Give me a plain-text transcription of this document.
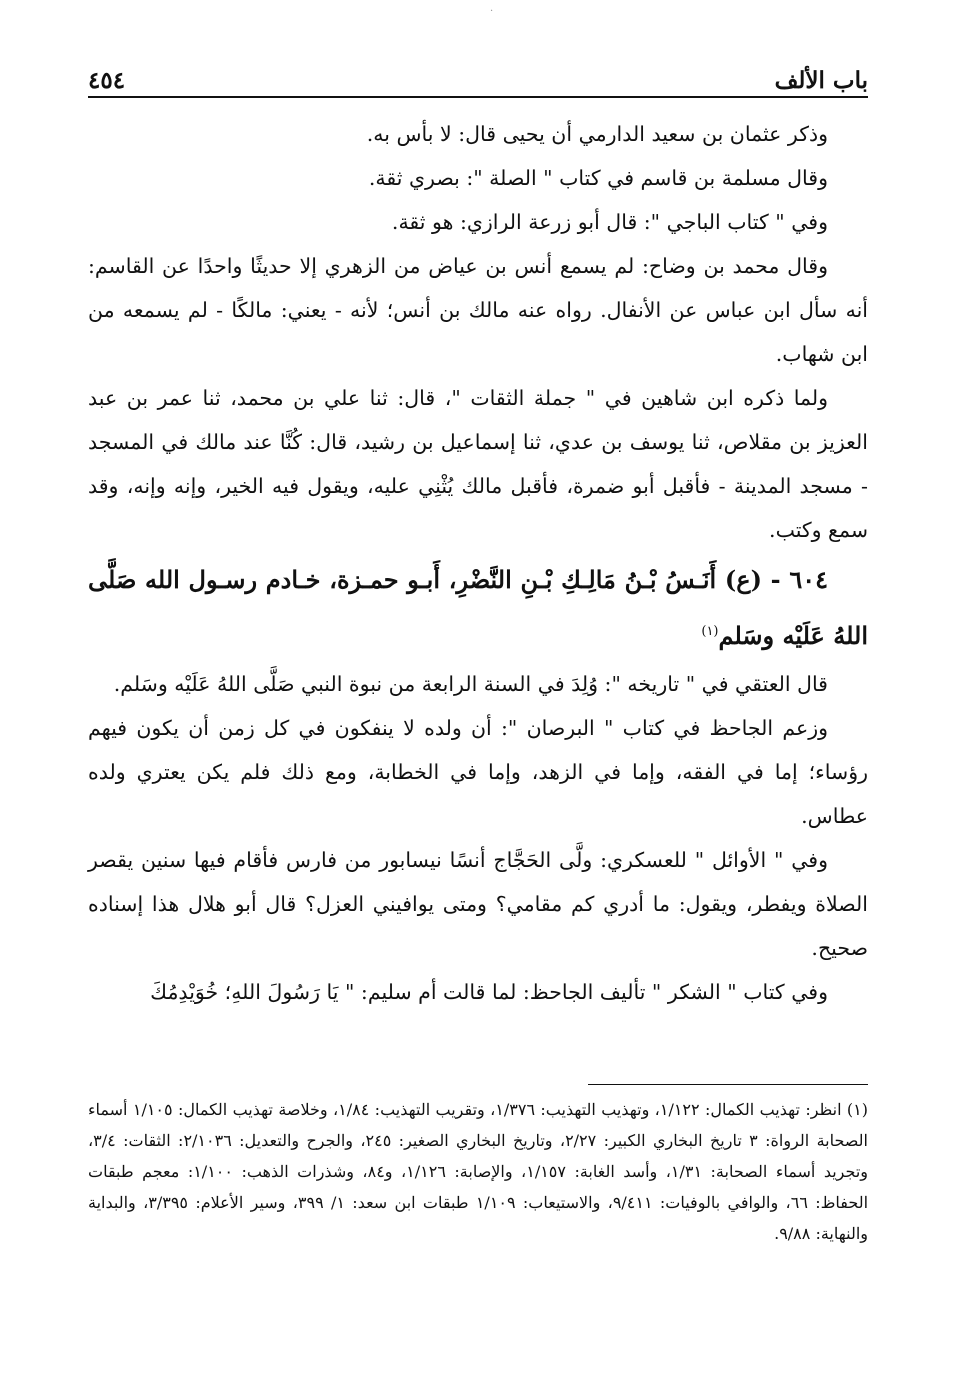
·
باب الألف
٤٥٤

وذكر عثمان بن سعيد الدارمي أن يحيى قال: لا بأس به.

وقال مسلمة بن قاسم في كتاب " الصلة ": بصري ثقة.

وفي " كتاب الباجي ": قال أبو زرعة الرازي: هو ثقة.

وقال محمد بن وضاح: لم يسمع أنس بن عياض من الزهري إلا حديثًا واحدًا عن القاسم: أنه سأل ابن عباس عن الأنفال. رواه عنه مالك بن أنس؛ لأنه - يعني: مالكًا - لم يسمعه من ابن شهاب.

ولما ذكره ابن شاهين في " جملة الثقات "، قال: ثنا علي بن محمد، ثنا عمر بن عبد العزيز بن مقلاص، ثنا يوسف بن عدي، ثنا إسماعيل بن رشيد، قال: كُنَّا عند مالك في المسجد - مسجد المدينة - فأقبل أبو ضمرة، فأقبل مالك يُثْنِي عليه، ويقول فيه الخير، وإنه وإنه، وقد سمع وكتب.

٦٠٤ - (ع) أَنَـسُ بْـنُ مَالِـكِ بْـنِ النَّضْرِ، أَبـو حمـزة، خـادم رسـول الله صَلَّى اللهُ عَلَيْه وسَلم$^{(١)}$

قال العتقي في " تاريخه ": وُلِدَ في السنة الرابعة من نبوة النبي صَلَّى اللهُ عَلَيْه وسَلم.

وزعم الجاحظ في كتاب " البرصان ": أن ولده لا ينفكون في كل زمن أن يكون فيهم رؤساء؛ إما في الفقه، وإما في الزهد، وإما في الخطابة، ومع ذلك فلم يكن يعتري ولده عطاس.

وفي " الأوائل " للعسكري: ولَّى الحَجَّاج أنسًا نيسابور من فارس فأقام فيها سنين يقصر الصلاة ويفطر، ويقول: ما أدري كم مقامي؟ ومتى يوافيني العزل؟ قال أبو هلال هذا إسناده صحيح.

وفي كتاب " الشكر " تأليف الجاحظ: لما قالت أم سليم: " يَا رَسُولَ اللهِ؛ خُوَيْدِمُكَ

(١) انظر: تهذيب الكمال: ١/١٢٢، وتهذيب التهذيب: ١/٣٧٦، وتقريب التهذيب: ١/٨٤، وخلاصة تهذيب الكمال: ١/١٠٥ أسماء الصحابة الرواة: ٣ تاريخ البخاري الكبير: ٢/٢٧، وتاريخ البخاري الصغير: ٢٤٥، والجرح والتعديل: ٢/١٠٣٦: الثقات: ٣/٤، وتجريد أسماء الصحابة: ١/٣١، وأسد الغابة: ١/١٥٧، والإصابة: ١/١٢٦، و٨٤، وشذرات الذهب: ١/١٠٠: معجم طبقات الحفاظ: ٦٦، والوافي بالوفيات: ٩/٤١١، والاستيعاب: ١/١٠٩ طبقات ابن سعد: ١/ ٣٩٩، وسير الأعلام: ٣/٣٩٥، والبداية والنهاية: ٩/٨٨.
